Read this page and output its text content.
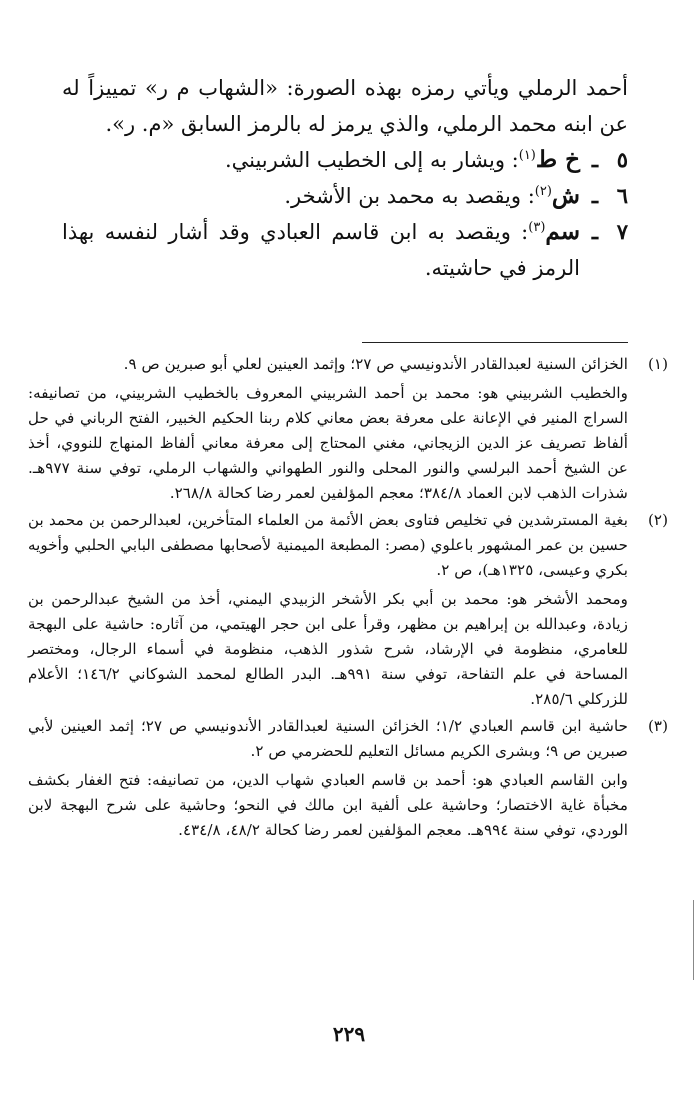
أحمد الرملي ويأتي رمزه بهذه الصورة: «الشهاب م ر» تمييزاً له عن ابنه محمد الرملي، والذي يرمز له بالرمز السابق «م. ر».

٥
ـ
خ ط$^{(١)}$: ويشار به إلى الخطيب الشربيني.
٦
ـ
ش$^{(٢)}$: ويقصد به محمد بن الأشخر.
٧
ـ
سم$^{(٣)}$: ويقصد به ابن قاسم العبادي وقد أشار لنفسه بهذا الرمز في حاشيته.
(١)

الخزائن السنية لعبدالقادر الأندونيسي ص ٢٧؛ وإثمد العينين لعلي أبو صبرين ص ٩.

والخطيب الشربيني هو: محمد بن أحمد الشربيني المعروف بالخطيب الشربيني، من تصانيفه: السراج المنير في الإعانة على معرفة بعض معاني كلام ربنا الحكيم الخبير، الفتح الرباني في حل ألفاظ تصريف عز الدين الزيجاني، مغني المحتاج إلى معرفة معاني ألفاظ المنهاج للنووي، أخذ عن الشيخ أحمد البرلسي والنور المحلى والنور الطهواني والشهاب الرملي، توفي سنة ٩٧٧هـ. شذرات الذهب لابن العماد ٣٨٤/٨؛ معجم المؤلفين لعمر رضا كحالة ٢٦٨/٨.

(٢)

بغية المسترشدين في تخليص فتاوى بعض الأئمة من العلماء المتأخرين، لعبدالرحمن بن محمد بن حسين بن عمر المشهور باعلوي (مصر: المطبعة الميمنية لأصحابها مصطفى البابي الحلبي وأخويه بكري وعيسى، ١٣٢٥هـ)، ص ٢.

ومحمد الأشخر هو: محمد بن أبي بكر الأشخر الزبيدي اليمني، أخذ من الشيخ عبدالرحمن بن زيادة، وعبدالله بن إبراهيم بن مظهر، وقرأ على ابن حجر الهيتمي، من آثاره: حاشية على البهجة للعامري، منظومة في الإرشاد، شرح شذور الذهب، منظومة في أسماء الرجال، ومختصر المساحة في علم التفاحة، توفي سنة ٩٩١هـ. البدر الطالع لمحمد الشوكاني ١٤٦/٢؛ الأعلام للزركلي ٢٨٥/٦.

(٣)

حاشية ابن قاسم العبادي ١/٢؛ الخزائن السنية لعبدالقادر الأندونيسي ص ٢٧؛ إثمد العينين لأبي صبرين ص ٩؛ وبشرى الكريم مسائل التعليم للحضرمي ص ٢.

وابن القاسم العبادي هو: أحمد بن قاسم العبادي شهاب الدين، من تصانيفه: فتح الغفار بكشف مخبأة غاية الاختصار؛ وحاشية على ألفية ابن مالك في النحو؛ وحاشية على شرح البهجة لابن الوردي، توفي سنة ٩٩٤هـ. معجم المؤلفين لعمر رضا كحالة ٤٨/٢، ٤٣٤/٨.

٢٢٩
